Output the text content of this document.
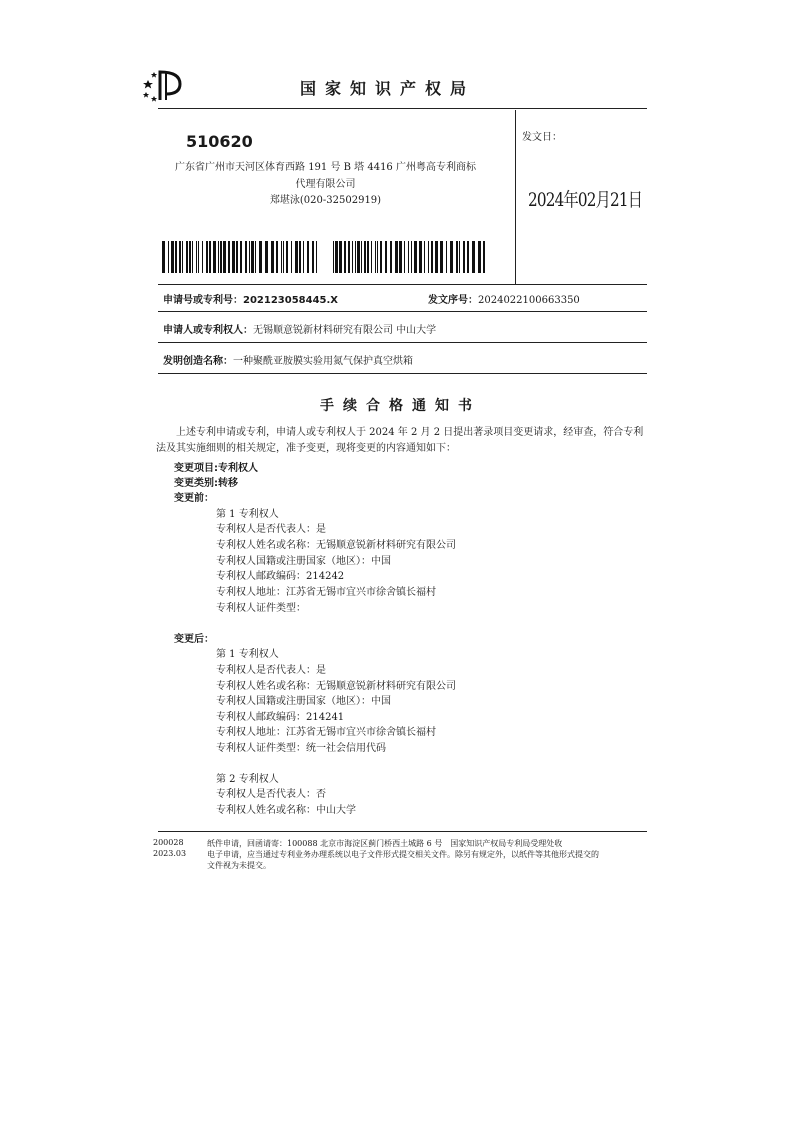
国家知识产权局
510620
广东省广州市天河区体育西路 191 号 B 塔 4416 广州粤高专利商标
代理有限公司
郑堪泳(020-32502919)
发文日：
2024年02月21日
申请号或专利号：202123058445.X	发文序号：2024022100663350
申请人或专利权人：无锡顺意锐新材料研究有限公司 中山大学
发明创造名称：一种聚酰亚胺膜实验用氮气保护真空烘箱
手续合格通知书
上述专利申请或专利，申请人或专利权人于 2024 年 2 月 2 日提出著录项目变更请求，经审查，符合专利法及其实施细则的相关规定，准予变更，现将变更的内容通知如下：
变更项目:专利权人
变更类别:转移
变更前：
第 1 专利权人
专利权人是否代表人：是
专利权人姓名或名称：无锡顺意锐新材料研究有限公司
专利权人国籍或注册国家（地区）：中国
专利权人邮政编码：214242
专利权人地址：江苏省无锡市宜兴市徐舍镇长福村
专利权人证件类型：
变更后：
第 1 专利权人
专利权人是否代表人：是
专利权人姓名或名称：无锡顺意锐新材料研究有限公司
专利权人国籍或注册国家（地区）：中国
专利权人邮政编码：214241
专利权人地址：江苏省无锡市宜兴市徐舍镇长福村
专利权人证件类型：统一社会信用代码
第 2 专利权人
专利权人是否代表人：否
专利权人姓名或名称：中山大学
200028
2023.03
纸件申请，回函请寄：100088 北京市海淀区蓟门桥西土城路 6 号　国家知识产权局专利局受理处收
电子申请，应当通过专利业务办理系统以电子文件形式提交相关文件。除另有规定外，以纸件等其他形式提交的
文件视为未提交。
